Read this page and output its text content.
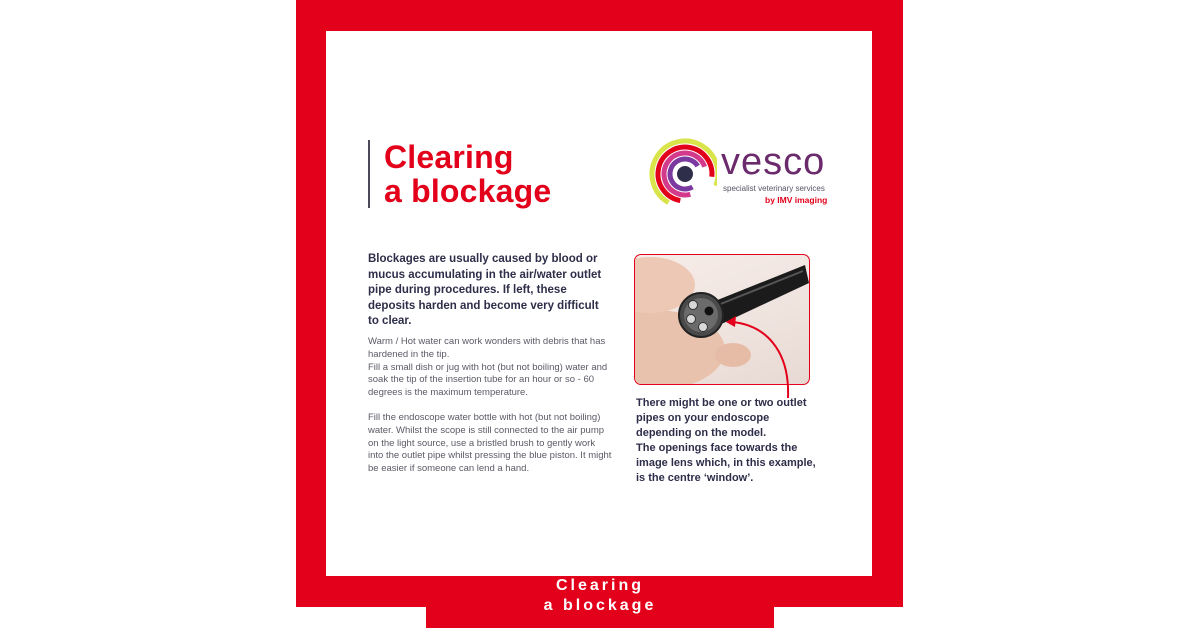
Clearing
a blockage
vesco
specialist veterinary services
by IMV imaging
Blockages are usually caused by blood or mucus accumulating in the air/water outlet pipe during procedures. If left, these deposits harden and become very difficult to clear.
Warm / Hot water can work wonders with debris that has hardened in the tip.
Fill a small dish or jug with hot (but not boiling) water and soak the tip of the insertion tube for an hour or so - 60 degrees is the maximum temperature.
Fill the endoscope water bottle with hot (but not boiling) water. Whilst the scope is still connected to the air pump on the light source, use a bristled brush to gently work into the outlet pipe whilst pressing the blue piston. It might be easier if someone can lend a hand.
There might be one or two outlet pipes on your endoscope depending on the model.
The openings face towards the image lens which, in this example, is the centre ‘window’.
Clearing
a blockage
